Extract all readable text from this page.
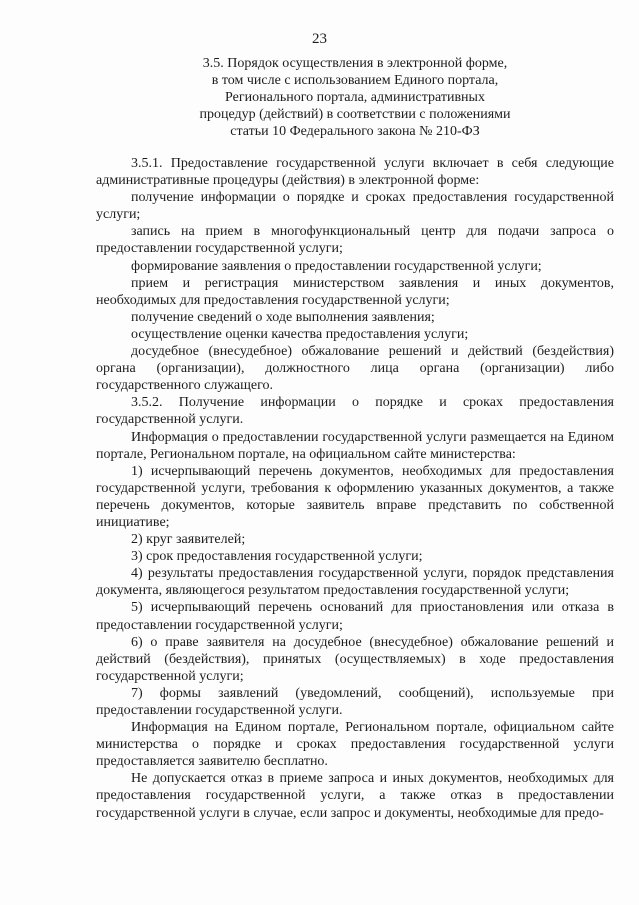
23
3.5. Порядок осуществления в электронной форме,
в том числе с использованием Единого портала,
Регионального портала, административных
процедур (действий) в соответствии с положениями
статьи 10 Федерального закона № 210-ФЗ

3.5.1. Предоставление государственной услуги включает в себя следующие административные процедуры (действия) в электронной форме:

получение информации о порядке и сроках предоставления государственной услуги;

запись на прием в многофункциональный центр для подачи запроса о предоставлении государственной услуги;

формирование заявления о предоставлении государственной услуги;

прием и регистрация министерством заявления и иных документов, необходимых для предоставления государственной услуги;

получение сведений о ходе выполнения заявления;

осуществление оценки качества предоставления услуги;

досудебное (внесудебное) обжалование решений и действий (бездействия) органа (организации), должностного лица органа (организации) либо государственного служащего.

3.5.2. Получение информации о порядке и сроках предоставления государственной услуги.

Информация о предоставлении государственной услуги размещается на Едином портале, Региональном портале, на официальном сайте министерства:

1) исчерпывающий перечень документов, необходимых для предоставления государственной услуги, требования к оформлению указанных документов, а также перечень документов, которые заявитель вправе представить по собственной инициативе;

2) круг заявителей;

3) срок предоставления государственной услуги;

4) результаты предоставления государственной услуги, порядок представления документа, являющегося результатом предоставления государственной услуги;

5) исчерпывающий перечень оснований для приостановления или отказа в предоставлении государственной услуги;

6) о праве заявителя на досудебное (внесудебное) обжалование решений и действий (бездействия), принятых (осуществляемых) в ходе предоставления государственной услуги;

7) формы заявлений (уведомлений, сообщений), используемые при предоставлении государственной услуги.

Информация на Едином портале, Региональном портале, официальном сайте министерства о порядке и сроках предоставления государственной услуги предоставляется заявителю бесплатно.

Не допускается отказ в приеме запроса и иных документов, необходимых для предоставления государственной услуги, а также отказ в предоставлении государственной услуги в случае, если запрос и документы, необходимые для предо-
